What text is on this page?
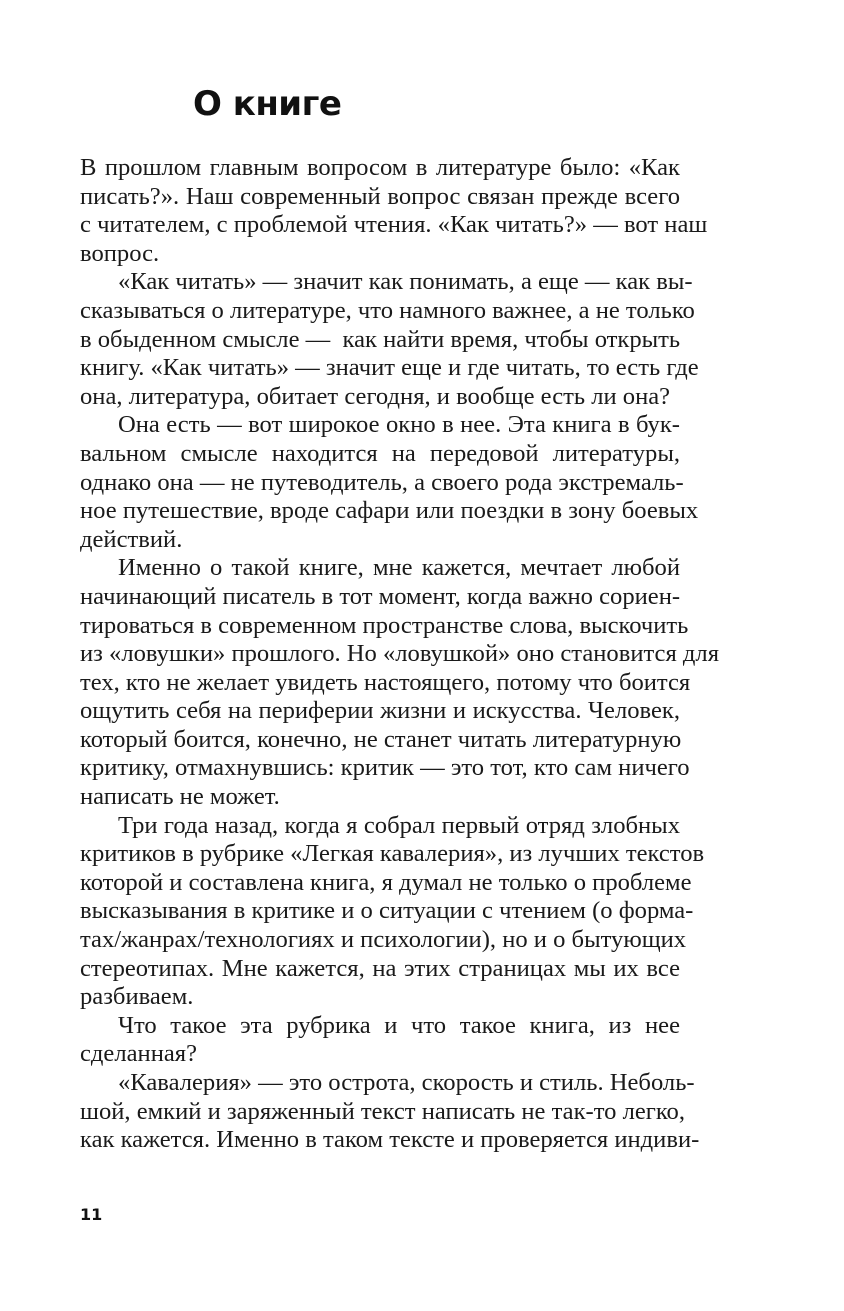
О книге
В прошлом главным вопросом в литературе было: «Как
писать?». Наш современный вопрос связан прежде всего
с читателем, с проблемой чтения. «Как читать?» — вот наш
вопрос.
«Как читать» — значит как понимать, а еще — как вы-
сказываться о литературе, что намного важнее, а не только
в обыденном смысле —  как найти время, чтобы открыть
книгу. «Как читать» — значит еще и где читать, то есть где
она, литература, обитает сегодня, и вообще есть ли она?
Она есть — вот широкое окно в нее. Эта книга в бук-
вальном смысле находится на передовой литературы,
однако она — не путеводитель, а своего рода экстремаль-
ное путешествие, вроде сафари или поездки в зону боевых
действий.
Именно о такой книге, мне кажется, мечтает любой
начинающий писатель в тот момент, когда важно сориен-
тироваться в современном пространстве слова, выскочить
из «ловушки» прошлого. Но «ловушкой» оно становится для
тех, кто не желает увидеть настоящего, потому что боится
ощутить себя на периферии жизни и искусства. Человек,
который боится, конечно, не станет читать литературную
критику, отмахнувшись: критик — это тот, кто сам ничего
написать не может.
Три года назад, когда я собрал первый отряд злобных
критиков в рубрике «Легкая кавалерия», из лучших текстов
которой и составлена книга, я думал не только о проблеме
высказывания в критике и о ситуации с чтением (о форма-
тах/жанрах/технологиях и психологии), но и о бытующих
стереотипах. Мне кажется, на этих страницах мы их все
разбиваем.
Что такое эта рубрика и что такое книга, из нее
сделанная?
«Кавалерия» — это острота, скорость и стиль. Неболь-
шой, емкий и заряженный текст написать не так-то легко,
как кажется. Именно в таком тексте и проверяется индиви-
11
